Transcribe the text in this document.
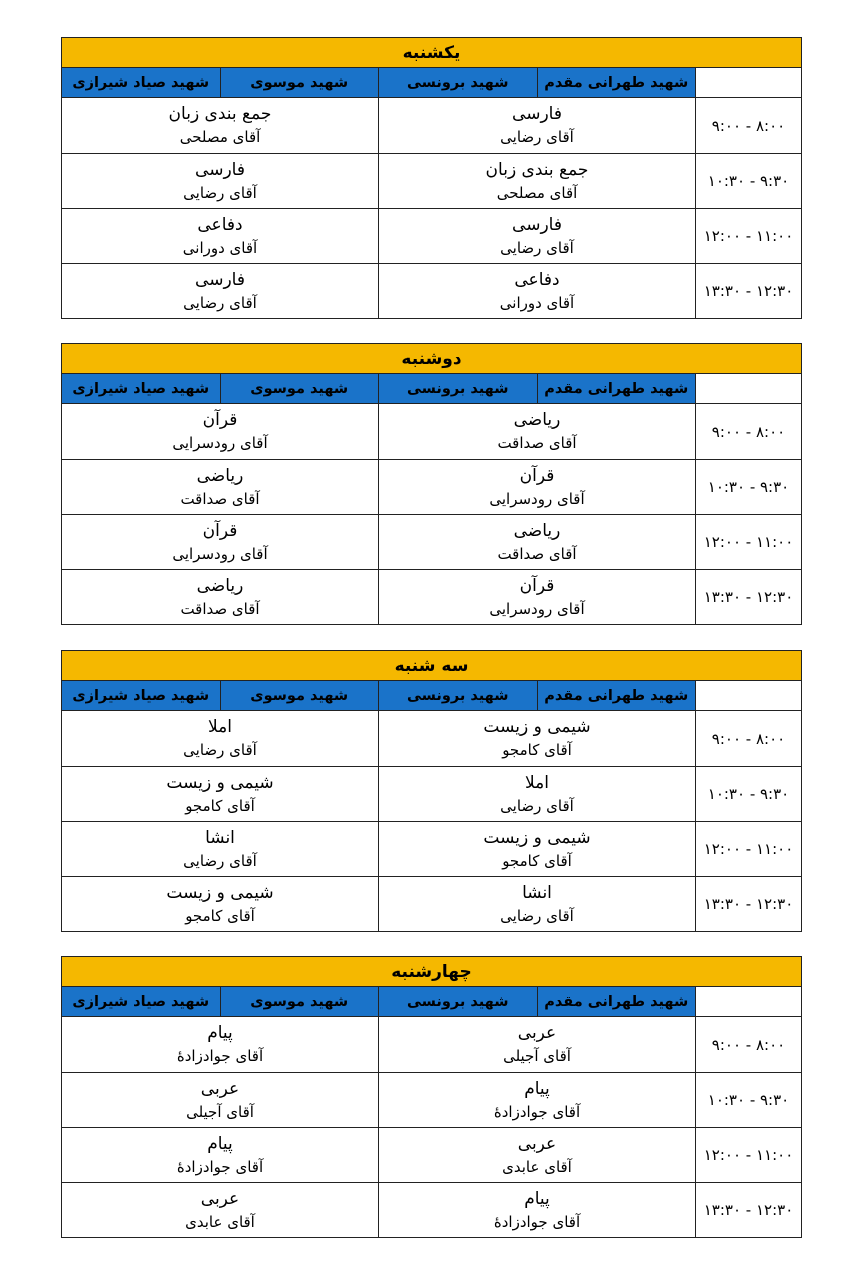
یکشنبه
شهید طهرانی مقدم
شهید برونسی
شهید موسوی
شهید صیاد شیرازی
۸:۰۰ - ۹:۰۰
فارسی
آقای رضایی
جمع بندی زبان
آقای مصلحی
۹:۳۰ - ۱۰:۳۰
جمع بندی زبان
آقای مصلحی
فارسی
آقای رضایی
۱۱:۰۰ - ۱۲:۰۰
فارسی
آقای رضایی
دفاعی
آقای دورانی
۱۲:۳۰ - ۱۳:۳۰
دفاعی
آقای دورانی
فارسی
آقای رضایی
دوشنبه
شهید طهرانی مقدم
شهید برونسی
شهید موسوی
شهید صیاد شیرازی
۸:۰۰ - ۹:۰۰
ریاضی
آقای صداقت
قرآن
آقای رودسرایی
۹:۳۰ - ۱۰:۳۰
قرآن
آقای رودسرایی
ریاضی
آقای صداقت
۱۱:۰۰ - ۱۲:۰۰
ریاضی
آقای صداقت
قرآن
آقای رودسرایی
۱۲:۳۰ - ۱۳:۳۰
قرآن
آقای رودسرایی
ریاضی
آقای صداقت
سه شنبه
شهید طهرانی مقدم
شهید برونسی
شهید موسوی
شهید صیاد شیرازی
۸:۰۰ - ۹:۰۰
شیمی و زیست
آقای کامجو
املا
آقای رضایی
۹:۳۰ - ۱۰:۳۰
املا
آقای رضایی
شیمی و زیست
آقای کامجو
۱۱:۰۰ - ۱۲:۰۰
شیمی و زیست
آقای کامجو
انشا
آقای رضایی
۱۲:۳۰ - ۱۳:۳۰
انشا
آقای رضایی
شیمی و زیست
آقای کامجو
چهارشنبه
شهید طهرانی مقدم
شهید برونسی
شهید موسوی
شهید صیاد شیرازی
۸:۰۰ - ۹:۰۰
عربی
آقای آجیلی
پیام
آقای جوادزادهٔ
۹:۳۰ - ۱۰:۳۰
پیام
آقای جوادزادهٔ
عربی
آقای آجیلی
۱۱:۰۰ - ۱۲:۰۰
عربی
آقای عابدی
پیام
آقای جوادزادهٔ
۱۲:۳۰ - ۱۳:۳۰
پیام
آقای جوادزادهٔ
عربی
آقای عابدی
